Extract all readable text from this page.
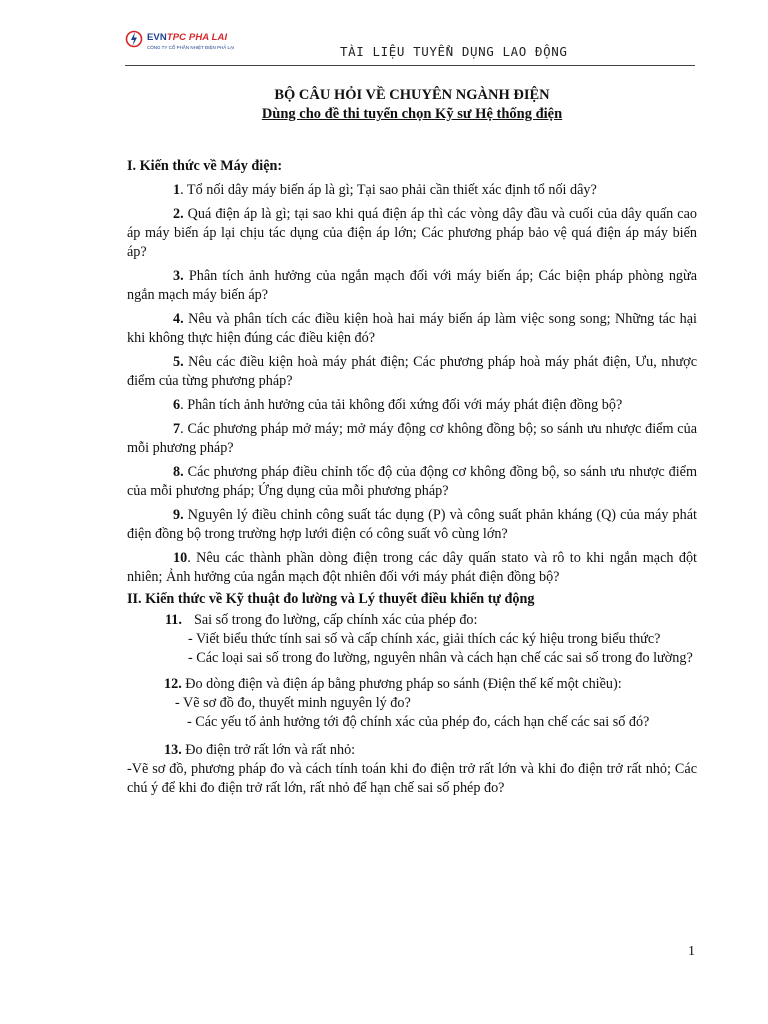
EVNTPC PHA LAI
CÔNG TY CỔ PHẦN NHIỆT ĐIỆN PHẢ LẠI	TÀI LIỆU TUYỂN DỤNG LAO ĐỘNG
BỘ CÂU HỎI VỀ CHUYÊN NGÀNH ĐIỆN
Dùng cho đề thi tuyển chọn Kỹ sư Hệ thống điện
I. Kiến thức về Máy điện:
1. Tổ nối dây máy biến áp là gì; Tại sao phải cần thiết xác định tổ nối dây?
2. Quá điện áp là gì; tại sao khi quá điện áp thì các vòng dây đầu và cuối của dây quấn cao áp máy biến áp lại chịu tác dụng của điện áp lớn; Các phương pháp bảo vệ quá điện áp máy biến áp?
3. Phân tích ảnh hưởng của ngắn mạch đối với máy biến áp; Các biện pháp phòng ngừa ngắn mạch máy biến áp?
4. Nêu và phân tích các điều kiện hoà hai máy biến áp làm việc song song; Những tác hại khi không thực hiện đúng các điều kiện đó?
5. Nêu các điều kiện hoà máy phát điện; Các phương pháp hoà máy phát điện, Ưu, nhược điểm của từng phương pháp?
6. Phân tích ảnh hưởng của tải không đối xứng đối với máy phát điện đồng bộ?
7. Các phương pháp mở máy; mở máy động cơ không đồng bộ; so sánh ưu nhược điểm của mỗi phương pháp?
8. Các phương pháp điều chỉnh tốc độ của động cơ không đồng bộ, so sánh ưu nhược điểm của mỗi phương pháp; Ứng dụng của mỗi phương pháp?
9. Nguyên lý điều chỉnh công suất tác dụng (P) và công suất phản kháng (Q) của máy phát điện đồng bộ trong trường hợp lưới điện có công suất vô cùng lớn?
10. Nêu các thành phần dòng điện trong các dây quấn stato và rô to khi ngắn mạch đột nhiên; Ảnh hưởng của ngắn mạch đột nhiên đối với máy phát điện đồng bộ?
II. Kiến thức về Kỹ thuật đo lường và Lý thuyết điều khiển tự động
11. Sai số trong đo lường, cấp chính xác của phép đo:
- Viết biểu thức tính sai số và cấp chính xác, giải thích các ký hiệu trong biểu thức?
- Các loại sai số trong đo lường, nguyên nhân và cách hạn chế các sai số trong đo lường?
12. Đo dòng điện và điện áp bằng phương pháp so sánh (Điện thế kế một chiều):
- Vẽ sơ đồ đo, thuyết minh nguyên lý đo?
- Các yếu tố ảnh hưởng tới độ chính xác của phép đo, cách hạn chế các sai số đó?
13. Đo điện trở rất lớn và rất nhỏ:
-Vẽ sơ đồ, phương pháp đo và cách tính toán khi đo điện trở rất lớn và khi đo điện trở rất nhỏ; Các chú ý để khi đo điện trở rất lớn, rất nhỏ để hạn chế sai số phép đo?
1
